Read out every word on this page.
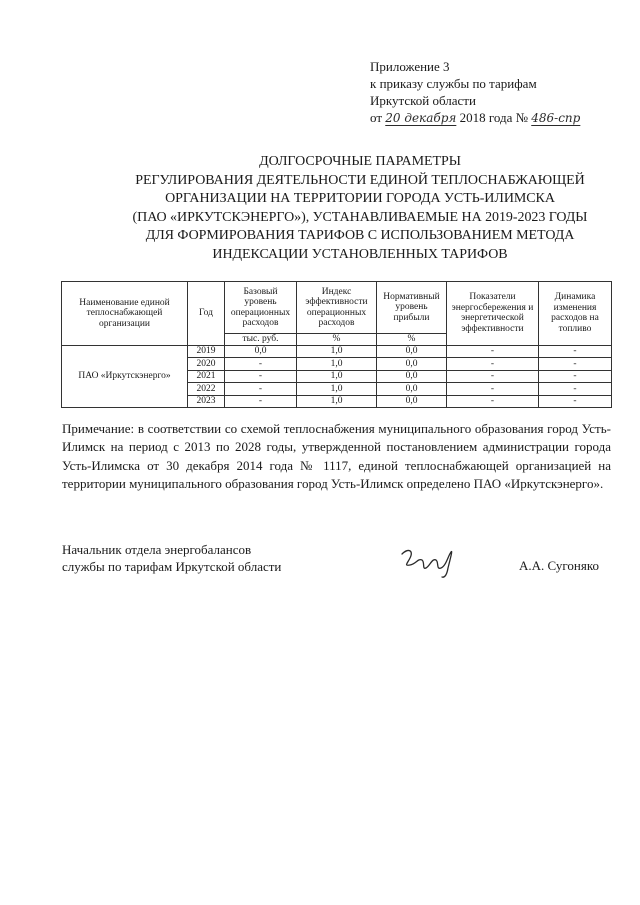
Приложение 3
к приказу службы по тарифам
Иркутской области
от 20 декабря 2018 года № 486-спр
ДОЛГОСРОЧНЫЕ ПАРАМЕТРЫ
РЕГУЛИРОВАНИЯ ДЕЯТЕЛЬНОСТИ ЕДИНОЙ ТЕПЛОСНАБЖАЮЩЕЙ
ОРГАНИЗАЦИИ НА ТЕРРИТОРИИ ГОРОДА УСТЬ-ИЛИМСКА
(ПАО «ИРКУТСКЭНЕРГО»), УСТАНАВЛИВАЕМЫЕ НА 2019-2023 ГОДЫ
ДЛЯ ФОРМИРОВАНИЯ ТАРИФОВ С ИСПОЛЬЗОВАНИЕМ МЕТОДА
ИНДЕКСАЦИИ УСТАНОВЛЕННЫХ ТАРИФОВ
Наименование единой теплоснабжающей организации	Год	Базовый уровень операционных расходов	Индекс эффективности операционных расходов	Нормативный уровень прибыли	Показатели энергосбережения и энергетической эффективности	Динамика изменения расходов на топливо
		тыс. руб.	%	%		
ПАО «Иркутскэнерго»	2019	0,0	1,0	0,0	-	-
	2020	-	1,0	0,0	-	-
	2021	-	1,0	0,0	-	-
	2022	-	1,0	0,0	-	-
	2023	-	1,0	0,0	-	-
Примечание: в соответствии со схемой теплоснабжения муниципального образования город Усть-Илимск на период с 2013 по 2028 годы, утвержденной постановлением администрации города Усть-Илимска от 30 декабря 2014 года № 1117, единой теплоснабжающей организацией на территории муниципального образования город Усть-Илимск определено ПАО «Иркутскэнерго».
Начальник отдела энергобалансов
службы по тарифам Иркутской области	А.А. Сугоняко
